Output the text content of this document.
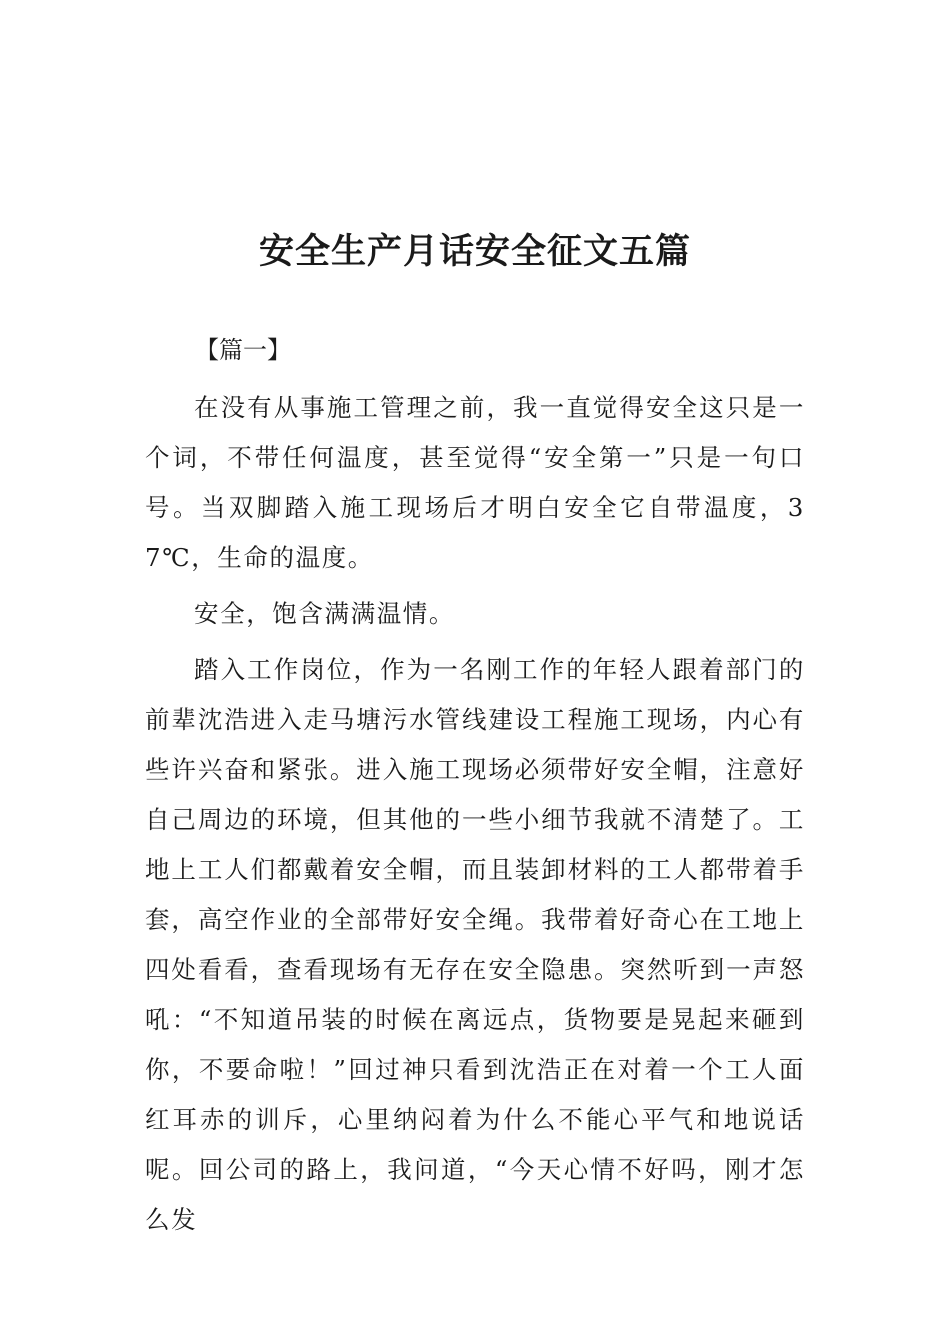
安全生产月话安全征文五篇
【篇一】

在没有从事施工管理之前，我一直觉得安全这只是一个词，不带任何温度，甚至觉得“安全第一”只是一句口号。当双脚踏入施工现场后才明白安全它自带温度，37℃，生命的温度。

安全，饱含满满温情。

踏入工作岗位，作为一名刚工作的年轻人跟着部门的前辈沈浩进入走马塘污水管线建设工程施工现场，内心有些许兴奋和紧张。进入施工现场必须带好安全帽，注意好自己周边的环境，但其他的一些小细节我就不清楚了。工地上工人们都戴着安全帽，而且装卸材料的工人都带着手套，高空作业的全部带好安全绳。我带着好奇心在工地上四处看看，查看现场有无存在安全隐患。突然听到一声怒吼：“不知道吊装的时候在离远点，货物要是晃起来砸到你，不要命啦！”回过神只看到沈浩正在对着一个工人面红耳赤的训斥，心里纳闷着为什么不能心平气和地说话呢。回公司的路上，我问道，“今天心情不好吗，刚才怎么发
